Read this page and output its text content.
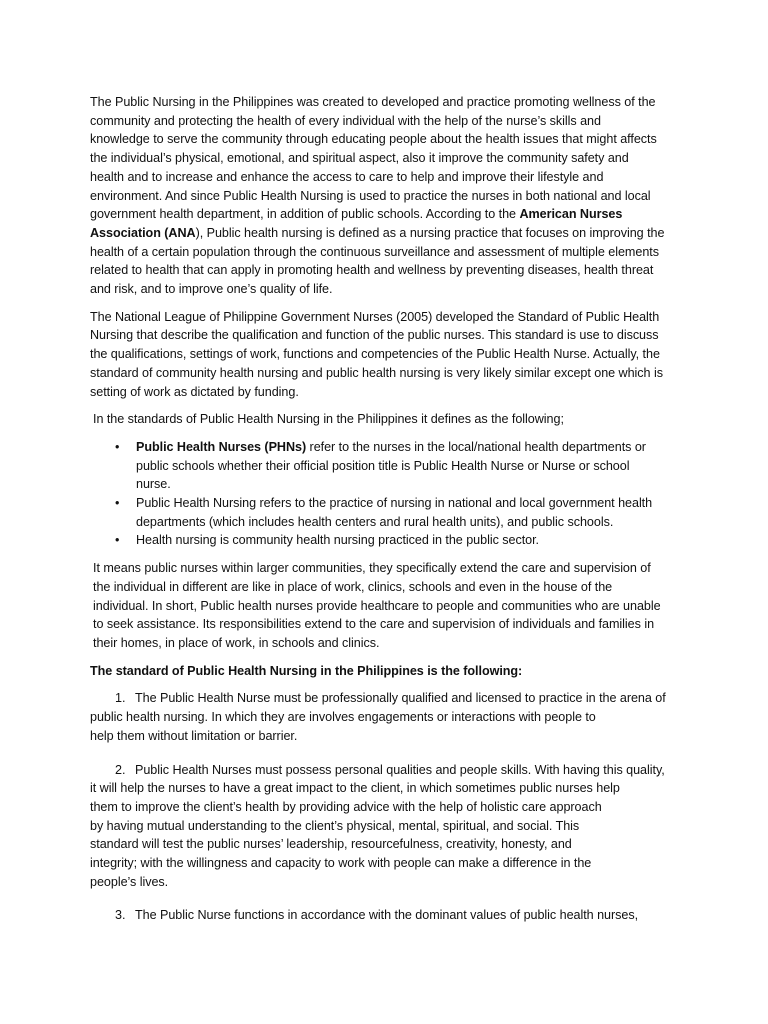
The Public Nursing in the Philippines was created to developed and practice promoting wellness of the
community and protecting the health of every individual with the help of the nurse’s skills and
knowledge to serve the community through educating people about the health issues that might affects
the individual’s physical, emotional, and spiritual aspect, also it improve the community safety and
health and to increase and enhance the access to care to help and improve their lifestyle and
environment. And since Public Health Nursing is used to practice the nurses in both national and local
government health department, in addition of public schools. According to the American Nurses
Association (ANA), Public health nursing is defined as a nursing practice that focuses on improving the
health of a certain population through the continuous surveillance and assessment of multiple elements
related to health that can apply in promoting health and wellness by preventing diseases, health threat
and risk, and to improve one’s quality of life.
The National League of Philippine Government Nurses (2005) developed the Standard of Public Health
Nursing that describe the qualification and function of the public nurses. This standard is use to discuss
the qualifications, settings of work, functions and competencies of the Public Health Nurse. Actually, the
standard of community health nursing and public health nursing is very likely similar except one which is
setting of work as dictated by funding.
In the standards of Public Health Nursing in the Philippines it defines as the following;
• Public Health Nurses (PHNs) refer to the nurses in the local/national health departments or
public schools whether their official position title is Public Health Nurse or Nurse or school
nurse.
• Public Health Nursing refers to the practice of nursing in national and local government health
departments (which includes health centers and rural health units), and public schools.
• Health nursing is community health nursing practiced in the public sector.
It means public nurses within larger communities, they specifically extend the care and supervision of
the individual in different are like in place of work, clinics, schools and even in the house of the
individual. In short, Public health nurses provide healthcare to people and communities who are unable
to seek assistance. Its responsibilities extend to the care and supervision of individuals and families in
their homes, in place of work, in schools and clinics.
The standard of Public Health Nursing in the Philippines is the following:
1. The Public Health Nurse must be professionally qualified and licensed to practice in the arena of
public health nursing. In which they are involves engagements or interactions with people to
help them without limitation or barrier.
2. Public Health Nurses must possess personal qualities and people skills. With having this quality,
it will help the nurses to have a great impact to the client, in which sometimes public nurses help
them to improve the client’s health by providing advice with the help of holistic care approach
by having mutual understanding to the client’s physical, mental, spiritual, and social. This
standard will test the public nurses’ leadership, resourcefulness, creativity, honesty, and
integrity; with the willingness and capacity to work with people can make a difference in the
people’s lives.
3. The Public Nurse functions in accordance with the dominant values of public health nurses,
